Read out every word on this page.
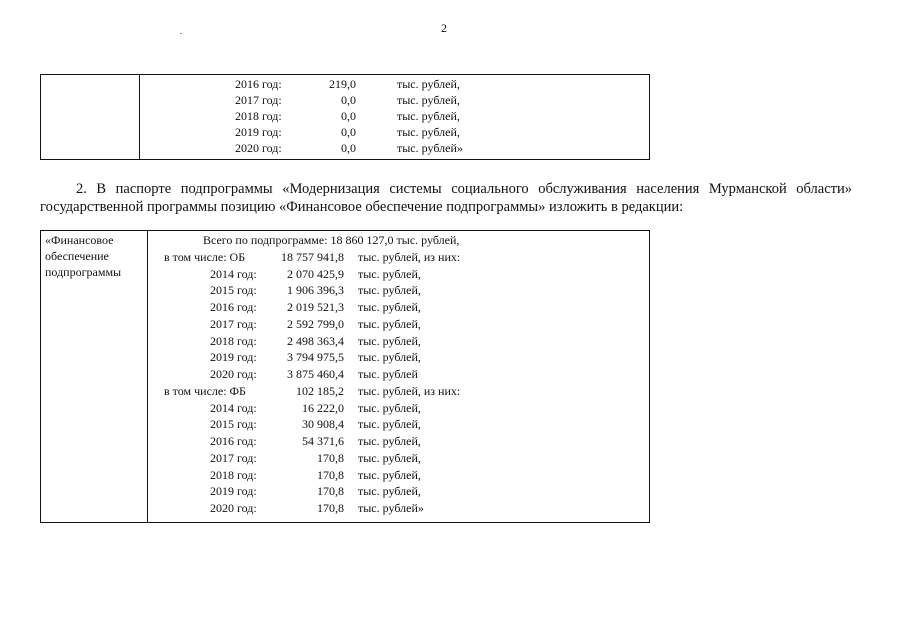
2

2016 год:	219,0	тыс. рублей,
2017 год:	0,0	тыс. рублей,
2018 год:	0,0	тыс. рублей,
2019 год:	0,0	тыс. рублей,
2020 год:	0,0	тыс. рублей»
2. В паспорте подпрограммы «Модернизация системы социального обслуживания населения Мурманской области» государственной программы позицию «Финансовое обеспечение подпрограммы» изложить в редакции:
«Финансовое обеспечение подпрограммы	
Всего по подпрограмме: 18 860 127,0 тыс. рублей,
в том числе: ОБ	18 757 941,8 тыс. рублей, из них:
2014 год:	2 070 425,9 тыс. рублей,
2015 год:	1 906 396,3 тыс. рублей,
2016 год:	2 019 521,3 тыс. рублей,
2017 год:	2 592 799,0 тыс. рублей,
2018 год:	2 498 363,4 тыс. рублей,
2019 год:	3 794 975,5 тыс. рублей,
2020 год:	3 875 460,4 тыс. рублей
в том числе: ФБ	102 185,2 тыс. рублей, из них:
2014 год:	16 222,0 тыс. рублей,
2015 год:	30 908,4 тыс. рублей,
2016 год:	54 371,6 тыс. рублей,
2017 год:	170,8 тыс. рублей,
2018 год:	170,8 тыс. рублей,
2019 год:	170,8 тыс. рублей,
2020 год:	170,8 тыс. рублей»
